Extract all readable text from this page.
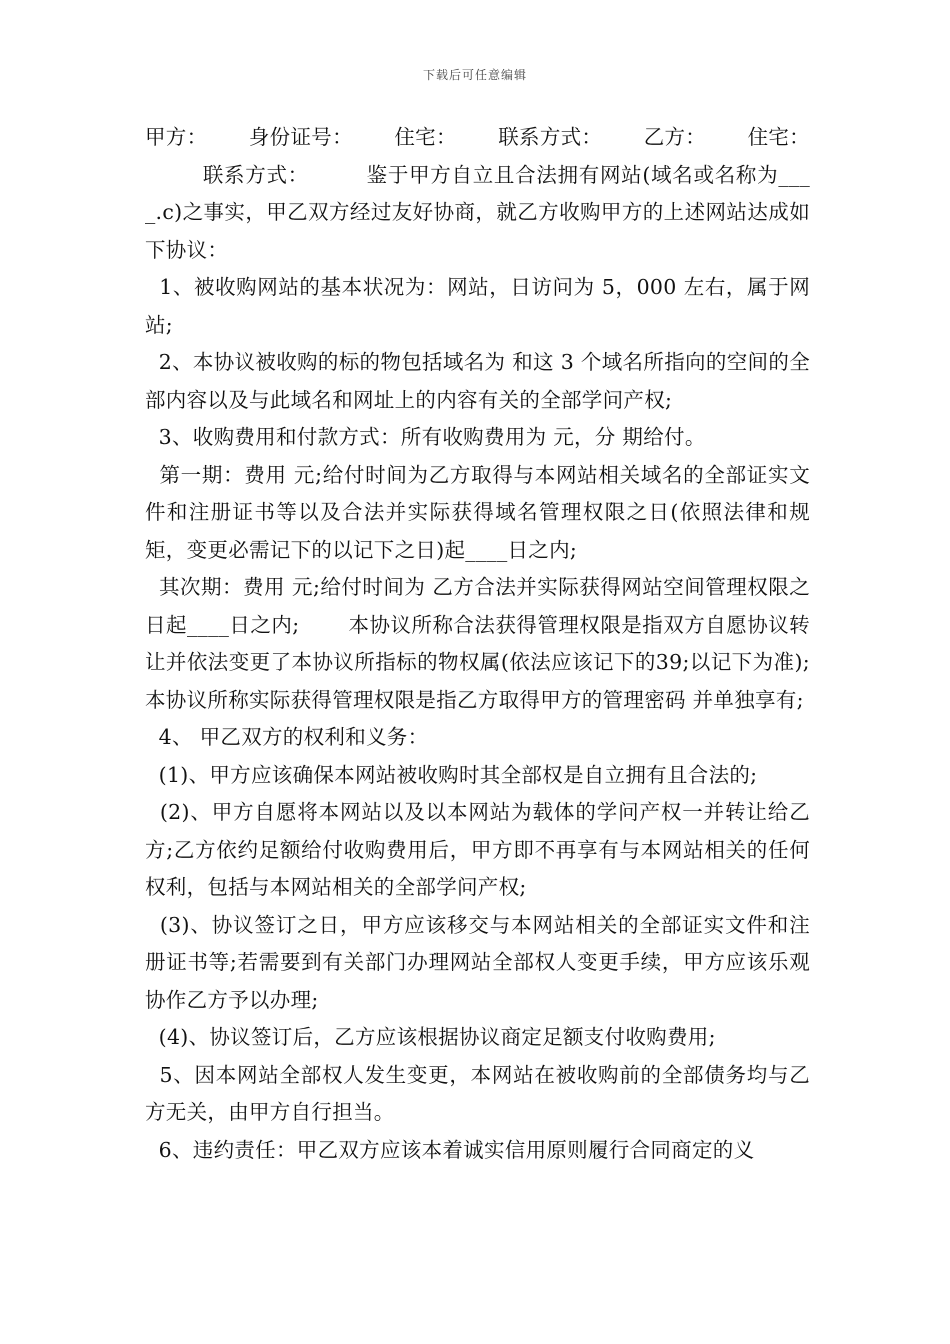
下载后可任意编辑
甲方： 身份证号： 住宅： 联系方式： 乙方： 住宅：

联系方式：        鉴于甲方自立且合法拥有网站(域名或名称为____.c)之事实，甲乙双方经过友好协商，就乙方收购甲方的上述网站达成如下协议：

1、被收购网站的基本状况为：网站，日访问为 5，000 左右，属于网站;

2、本协议被收购的标的物包括域名为 和这 3 个域名所指向的空间的全部内容以及与此域名和网址上的内容有关的全部学问产权;

3、收购费用和付款方式：所有收购费用为 元，分 期给付。

第一期：费用 元;给付时间为乙方取得与本网站相关域名的全部证实文件和注册证书等以及合法并实际获得域名管理权限之日(依照法律和规矩，变更必需记下的以记下之日)起____日之内;

其次期：费用 元;给付时间为 乙方合法并实际获得网站空间管理权限之日起____日之内;       本协议所称合法获得管理权限是指双方自愿协议转让并依法变更了本协议所指标的物权属(依法应该记下的39;以记下为准);       本协议所称实际获得管理权限是指乙方取得甲方的管理密码 并单独享有;

4、 甲乙双方的权利和义务：

(1)、甲方应该确保本网站被收购时其全部权是自立拥有且合法的;

(2)、甲方自愿将本网站以及以本网站为载体的学问产权一并转让给乙方;乙方依约足额给付收购费用后，甲方即不再享有与本网站相关的任何权利，包括与本网站相关的全部学问产权;

(3)、协议签订之日，甲方应该移交与本网站相关的全部证实文件和注册证书等;若需要到有关部门办理网站全部权人变更手续，甲方应该乐观协作乙方予以办理;

(4)、协议签订后，乙方应该根据协议商定足额支付收购费用;

5、因本网站全部权人发生变更，本网站在被收购前的全部债务均与乙方无关，由甲方自行担当。

6、违约责任：甲乙双方应该本着诚实信用原则履行合同商定的义
